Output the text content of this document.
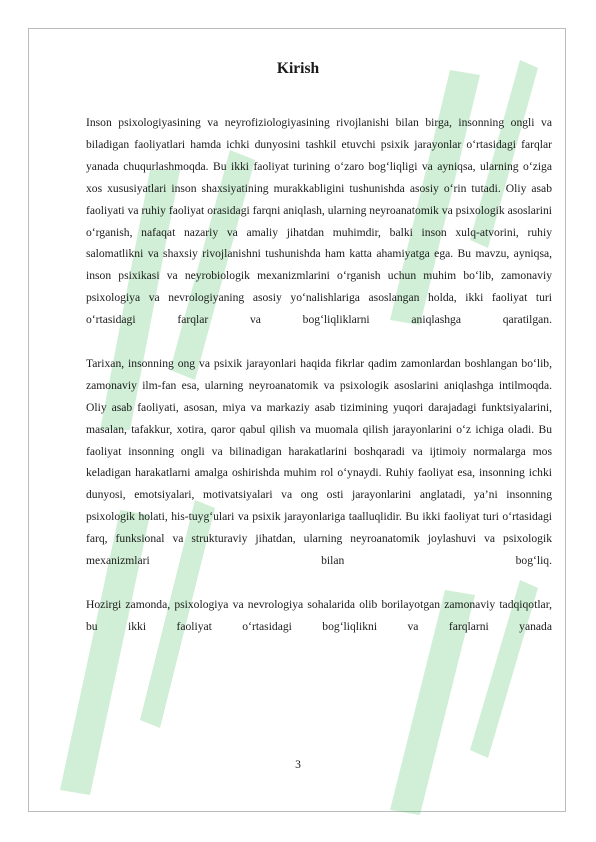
Kirish

Inson psixologiyasining va neyrofiziologiyasining rivojlanishi bilan birga, insonning ongli va biladigan faoliyatlari hamda ichki dunyosini tashkil etuvchi psixik jarayonlar o‘rtasidagi farqlar yanada chuqurlashmoqda. Bu ikki faoliyat turining o‘zaro bog‘liqligi va ayniqsa, ularning o‘ziga xos xususiyatlari inson shaxsiyatining murakkabligini tushunishda asosiy o‘rin tutadi. Oliy asab faoliyati va ruhiy faoliyat orasidagi farqni aniqlash, ularning neyroanatomik va psixologik asoslarini o‘rganish, nafaqat nazariy va amaliy jihatdan muhimdir, balki inson xulq-atvorini, ruhiy salomatlikni va shaxsiy rivojlanishni tushunishda ham katta ahamiyatga ega. Bu mavzu, ayniqsa, inson psixikasi va neyrobiologik mexanizmlarini o‘rganish uchun muhim bo‘lib, zamonaviy psixologiya va nevrologiyaning asosiy yo‘nalishlariga asoslangan holda, ikki faoliyat turi o‘rtasidagi farqlar va bog‘liqliklarni aniqlashga qaratilgan.

Tarixan, insonning ong va psixik jarayonlari haqida fikrlar qadim zamonlardan boshlangan bo‘lib, zamonaviy ilm-fan esa, ularning neyroanatomik va psixologik asoslarini aniqlashga intilmoqda. Oliy asab faoliyati, asosan, miya va markaziy asab tizimining yuqori darajadagi funktsiyalarini, masalan, tafakkur, xotira, qaror qabul qilish va muomala qilish jarayonlarini o‘z ichiga oladi. Bu faoliyat insonning ongli va bilinadigan harakatlarini boshqaradi va ijtimoiy normalarga mos keladigan harakatlarni amalga oshirishda muhim rol o‘ynaydi. Ruhiy faoliyat esa, insonning ichki dunyosi, emotsiyalari, motivatsiyalari va ong osti jarayonlarini anglatadi, ya’ni insonning psixologik holati, his-tuyg‘ulari va psixik jarayonlariga taalluqlidir. Bu ikki faoliyat turi o‘rtasidagi farq, funksional va strukturaviy jihatdan, ularning neyroanatomik joylashuvi va psixologik mexanizmlari bilan bog‘liq.

Hozirgi zamonda, psixologiya va nevrologiya sohalarida olib borilayotgan zamonaviy tadqiqotlar, bu ikki faoliyat o‘rtasidagi bog‘liqlikni va farqlarni yanada

3
